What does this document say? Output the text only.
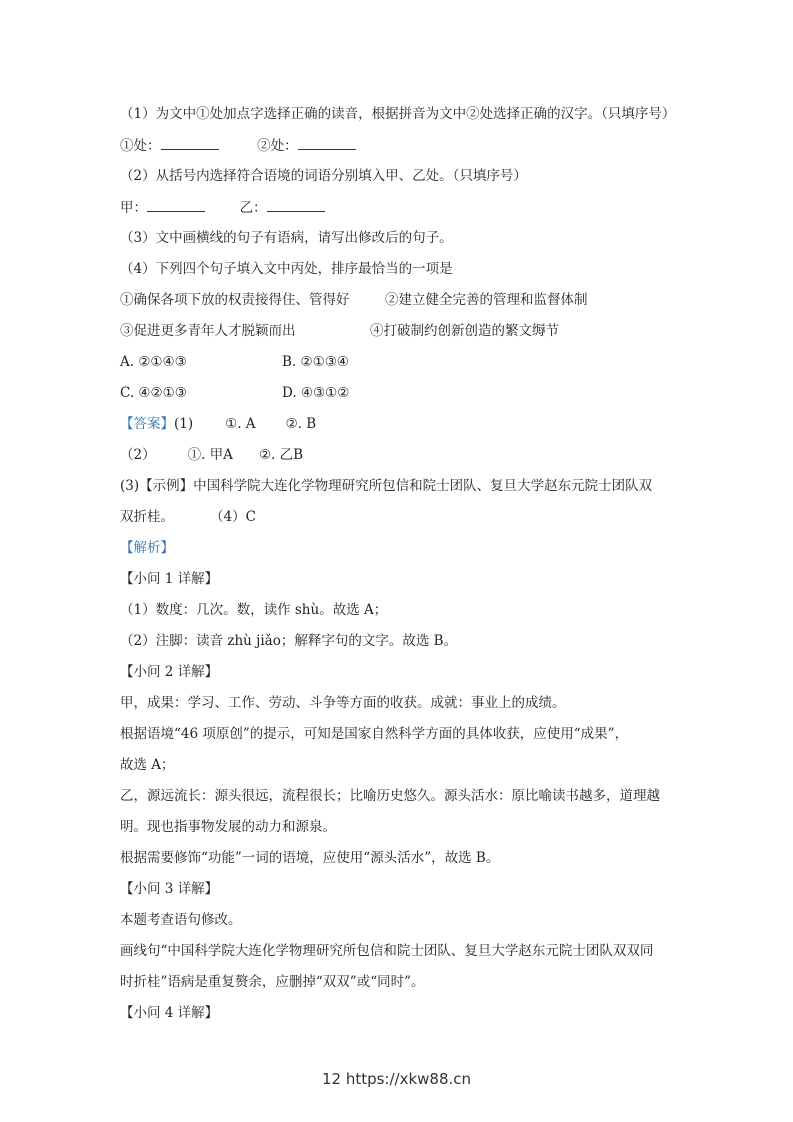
（1）为文中①处加点字选择正确的读音，根据拼音为文中②处选择正确的汉字。（只填序号）
①处：	②处：
（2）从括号内选择符合语境的词语分别填入甲、乙处。（只填序号）
甲：	乙：
（3）文中画横线的句子有语病，请写出修改后的句子。
（4）下列四个句子填入文中丙处，排序最恰当的一项是
①确保各项下放的权责接得住、管得好	②建立健全完善的管理和监督体制
③促进更多青年人才脱颖而出	④打破制约创新创造的繁文缛节
A. ②①④③	B. ②①③④
C. ④②①③	D. ④③①②
【答案】(1) ①. A ②. B
（2） ①. 甲A ②. 乙B
(3)【示例】中国科学院大连化学物理研究所包信和院士团队、复旦大学赵东元院士团队双
双折桂。	（4）C
【解析】
【小问 1 详解】
（1）数度：几次。数，读作 shù。故选 A；
（2）注脚：读音 zhù jiǎo；解释字句的文字。故选 B。
【小问 2 详解】
甲，成果：学习、工作、劳动、斗争等方面的收获。成就：事业上的成绩。
根据语境“46 项原创”的提示，可知是国家自然科学方面的具体收获，应使用“成果”，
故选 A；
乙，源远流长：源头很远，流程很长；比喻历史悠久。源头活水：原比喻读书越多，道理越
明。现也指事物发展的动力和源泉。
根据需要修饰“功能”一词的语境，应使用“源头活水”，故选 B。
【小问 3 详解】
本题考查语句修改。
画线句“中国科学院大连化学物理研究所包信和院士团队、复旦大学赵东元院士团队双双同
时折桂”语病是重复赘余，应删掉“双双”或“同时”。
【小问 4 详解】
12 https://xkw88.cn
